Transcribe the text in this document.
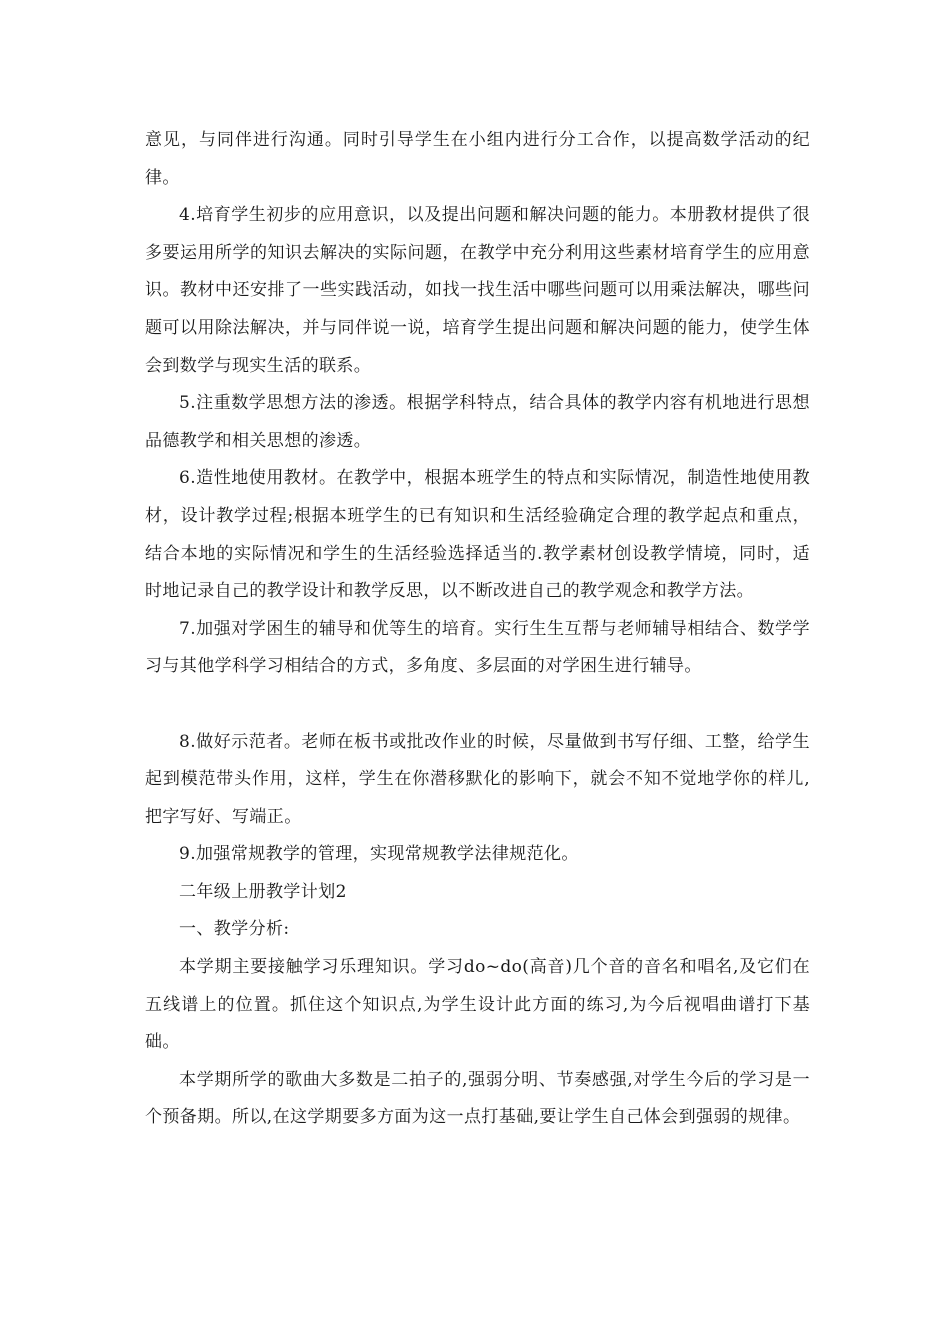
意见，与同伴进行沟通。同时引导学生在小组内进行分工合作，以提高数学活动的纪律。

4.培育学生初步的应用意识，以及提出问题和解决问题的能力。本册教材提供了很多要运用所学的知识去解决的实际问题，在教学中充分利用这些素材培育学生的应用意识。教材中还安排了一些实践活动，如找一找生活中哪些问题可以用乘法解决，哪些问题可以用除法解决，并与同伴说一说，培育学生提出问题和解决问题的能力，使学生体会到数学与现实生活的联系。

5.注重数学思想方法的渗透。根据学科特点，结合具体的教学内容有机地进行思想品德教学和相关思想的渗透。

6.造性地使用教材。在教学中，根据本班学生的特点和实际情况，制造性地使用教材，设计教学过程;根据本班学生的已有知识和生活经验确定合理的教学起点和重点，结合本地的实际情况和学生的生活经验选择适当的.教学素材创设教学情境，同时，适时地记录自己的教学设计和教学反思，以不断改进自己的教学观念和教学方法。

7.加强对学困生的辅导和优等生的培育。实行生生互帮与老师辅导相结合、数学学习与其他学科学习相结合的方式，多角度、多层面的对学困生进行辅导。

8.做好示范者。老师在板书或批改作业的时候，尽量做到书写仔细、工整，给学生起到模范带头作用，这样，学生在你潜移默化的影响下，就会不知不觉地学你的样儿,把字写好、写端正。

9.加强常规教学的管理，实现常规教学法律规范化。

二年级上册教学计划2

一、教学分析:

本学期主要接触学习乐理知识。学习do~do(高音)几个音的音名和唱名,及它们在五线谱上的位置。抓住这个知识点,为学生设计此方面的练习,为今后视唱曲谱打下基础。

本学期所学的歌曲大多数是二拍子的,强弱分明、节奏感强,对学生今后的学习是一个预备期。所以,在这学期要多方面为这一点打基础,要让学生自己体会到强弱的规律。
